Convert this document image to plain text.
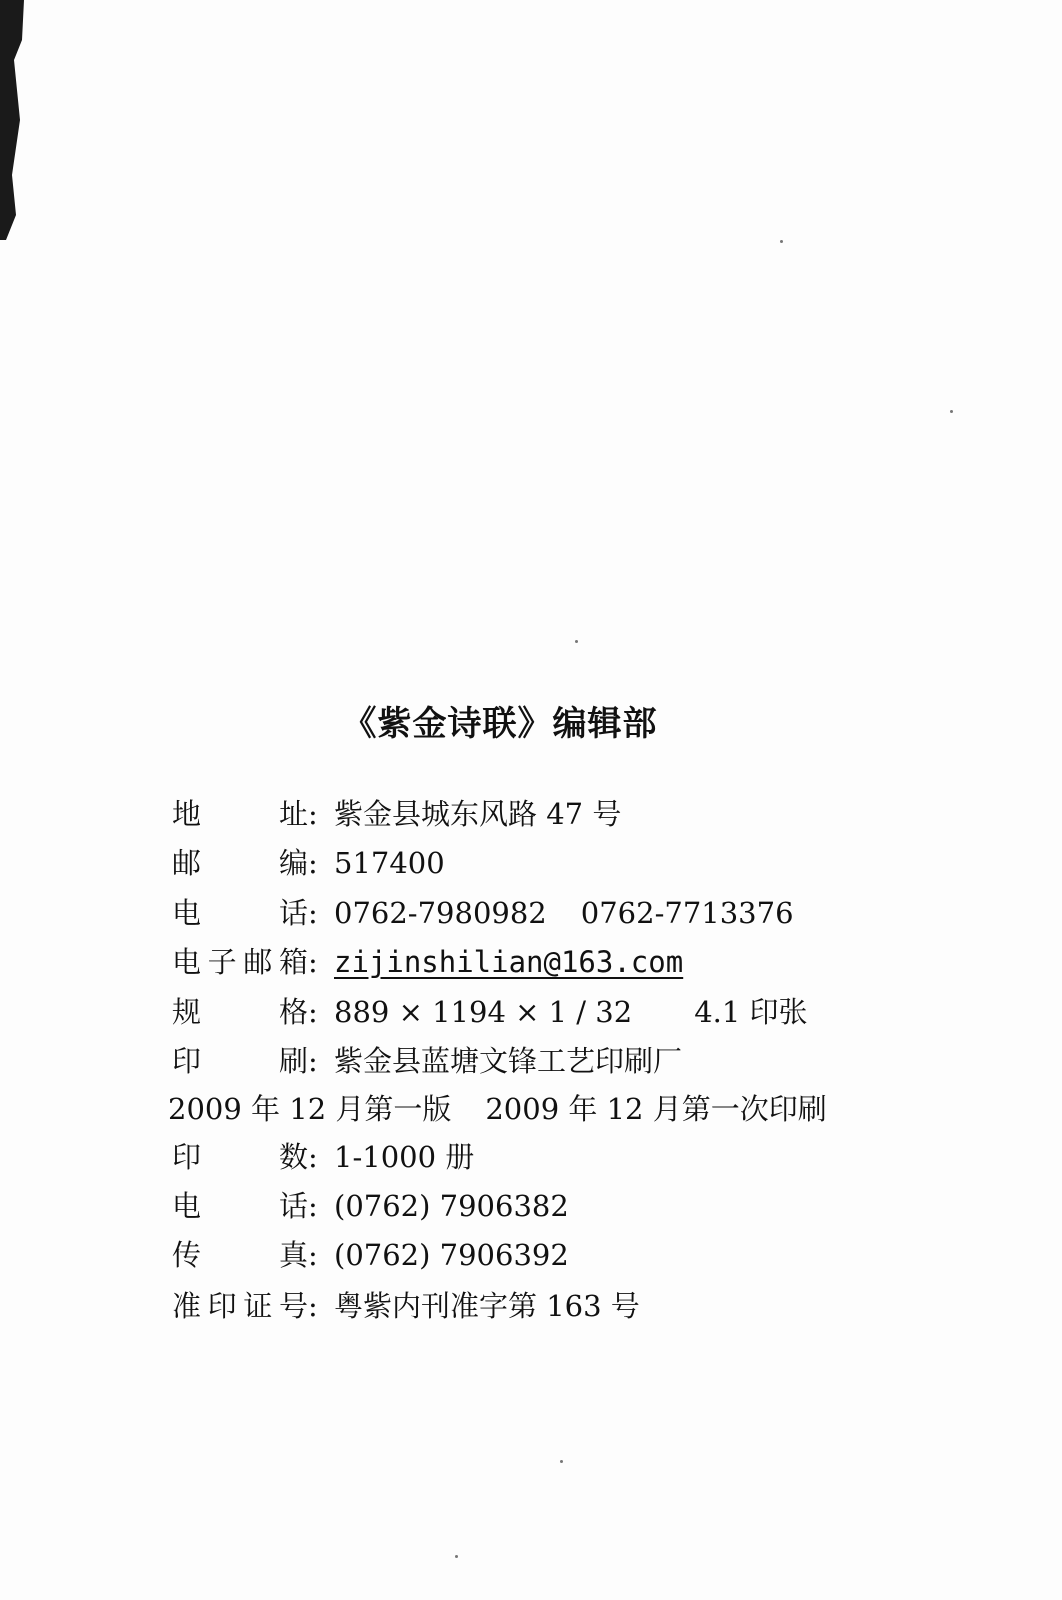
《紫金诗联》编辑部
地址: 紫金县城东风路 47 号
邮编: 517400
电话: 0762-7980982 0762-7713376
电子邮箱: zijinshilian@163.com
规格: 889 × 1194 × 1 / 32 4.1 印张
印刷: 紫金县蓝塘文锋工艺印刷厂
2009 年 12 月第一版 2009 年 12 月第一次印刷
印数: 1-1000 册
电话: (0762) 7906382
传真: (0762) 7906392
准印证号: 粤紫内刊准字第 163 号
